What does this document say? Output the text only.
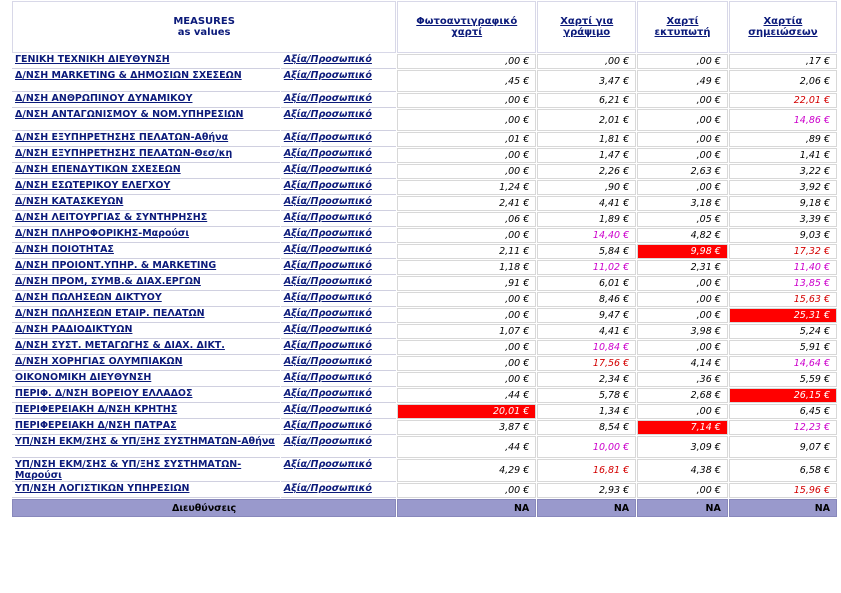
MEASURES
as values		Φωτοαντιγραφικό χαρτί	Χαρτί για γράψιμο	Χαρτί εκτυπωτή	Χαρτία σημειώσεων
ΓΕΝΙΚΗ ΤΕΧΝΙΚΗ ΔΙΕΥΘΥΝΣΗ	Αξία/Προσωπικό	,00 €	,00 €	,00 €	,17 €
Δ/ΝΣΗ MARKETING & ΔΗΜΟΣΙΩΝ ΣΧΕΣΕΩΝ	Αξία/Προσωπικό	,45 €	3,47 €	,49 €	2,06 €
Δ/ΝΣΗ ΑΝΘΡΩΠΙΝΟΥ ΔΥΝΑΜΙΚΟΥ	Αξία/Προσωπικό	,00 €	6,21 €	,00 €	22,01 €
Δ/ΝΣΗ ΑΝΤΑΓΩΝΙΣΜΟΥ & ΝΟΜ.ΥΠΗΡΕΣΙΩΝ	Αξία/Προσωπικό	,00 €	2,01 €	,00 €	14,86 €
Δ/ΝΣΗ ΕΞΥΠΗΡΕΤΗΣΗΣ ΠΕΛΑΤΩΝ-Αθήνα	Αξία/Προσωπικό	,01 €	1,81 €	,00 €	,89 €
Δ/ΝΣΗ ΕΞΥΠΗΡΕΤΗΣΗΣ ΠΕΛΑΤΩΝ-Θεσ/κη	Αξία/Προσωπικό	,00 €	1,47 €	,00 €	1,41 €
Δ/ΝΣΗ ΕΠΕΝΔΥΤΙΚΩΝ ΣΧΕΣΕΩΝ	Αξία/Προσωπικό	,00 €	2,26 €	2,63 €	3,22 €
Δ/ΝΣΗ ΕΣΩΤΕΡΙΚΟΥ ΕΛΕΓΧΟΥ	Αξία/Προσωπικό	1,24 €	,90 €	,00 €	3,92 €
Δ/ΝΣΗ ΚΑΤΑΣΚΕΥΩΝ	Αξία/Προσωπικό	2,41 €	4,41 €	3,18 €	9,18 €
Δ/ΝΣΗ ΛΕΙΤΟΥΡΓΙΑΣ & ΣΥΝΤΗΡΗΣΗΣ	Αξία/Προσωπικό	,06 €	1,89 €	,05 €	3,39 €
Δ/ΝΣΗ ΠΛΗΡΟΦΟΡΙΚΗΣ-Μαρούσι	Αξία/Προσωπικό	,00 €	14,40 €	4,82 €	9,03 €
Δ/ΝΣΗ ΠΟΙΟΤΗΤΑΣ	Αξία/Προσωπικό	2,11 €	5,84 €	9,98 €	17,32 €
Δ/ΝΣΗ ΠΡΟΙΟΝΤ.ΥΠΗΡ. & MARKETING	Αξία/Προσωπικό	1,18 €	11,02 €	2,31 €	11,40 €
Δ/ΝΣΗ ΠΡΟΜ, ΣΥΜΒ.& ΔΙΑΧ.ΕΡΓΩΝ	Αξία/Προσωπικό	,91 €	6,01 €	,00 €	13,85 €
Δ/ΝΣΗ ΠΩΛΗΣΕΩΝ ΔΙΚΤΥΟΥ	Αξία/Προσωπικό	,00 €	8,46 €	,00 €	15,63 €
Δ/ΝΣΗ ΠΩΛΗΣΕΩΝ ΕΤΑΙΡ. ΠΕΛΑΤΩΝ	Αξία/Προσωπικό	,00 €	9,47 €	,00 €	25,31 €
Δ/ΝΣΗ ΡΑΔΙΟΔΙΚΤΥΩΝ	Αξία/Προσωπικό	1,07 €	4,41 €	3,98 €	5,24 €
Δ/ΝΣΗ ΣΥΣΤ. ΜΕΤΑΓΩΓΗΣ & ΔΙΑΧ. ΔΙΚΤ.	Αξία/Προσωπικό	,00 €	10,84 €	,00 €	5,91 €
Δ/ΝΣΗ ΧΟΡΗΓΙΑΣ ΟΛΥΜΠΙΑΚΩΝ	Αξία/Προσωπικό	,00 €	17,56 €	4,14 €	14,64 €
ΟΙΚΟΝΟΜΙΚΗ ΔΙΕΥΘΥΝΣΗ	Αξία/Προσωπικό	,00 €	2,34 €	,36 €	5,59 €
ΠΕΡΙΦ. Δ/ΝΣΗ ΒΟΡΕΙΟΥ ΕΛΛΑΔΟΣ	Αξία/Προσωπικό	,44 €	5,78 €	2,68 €	26,15 €
ΠΕΡΙΦΕΡΕΙΑΚΗ Δ/ΝΣΗ ΚΡΗΤΗΣ	Αξία/Προσωπικό	20,01 €	1,34 €	,00 €	6,45 €
ΠΕΡΙΦΕΡΕΙΑΚΗ Δ/ΝΣΗ ΠΑΤΡΑΣ	Αξία/Προσωπικό	3,87 €	8,54 €	7,14 €	12,23 €
ΥΠ/ΝΣΗ ΕΚΜ/ΣΗΣ & ΥΠ/ΞΗΣ ΣΥΣΤΗΜΑΤΩΝ-Αθήνα	Αξία/Προσωπικό	,44 €	10,00 €	3,09 €	9,07 €
ΥΠ/ΝΣΗ ΕΚΜ/ΣΗΣ & ΥΠ/ΞΗΣ ΣΥΣΤΗΜΑΤΩΝ-Μαρούσι	Αξία/Προσωπικό	4,29 €	16,81 €	4,38 €	6,58 €
ΥΠ/ΝΣΗ ΛΟΓΙΣΤΙΚΩΝ ΥΠΗΡΕΣΙΩΝ	Αξία/Προσωπικό	,00 €	2,93 €	,00 €	15,96 €
Διευθύνσεις		NA	NA	NA	NA
